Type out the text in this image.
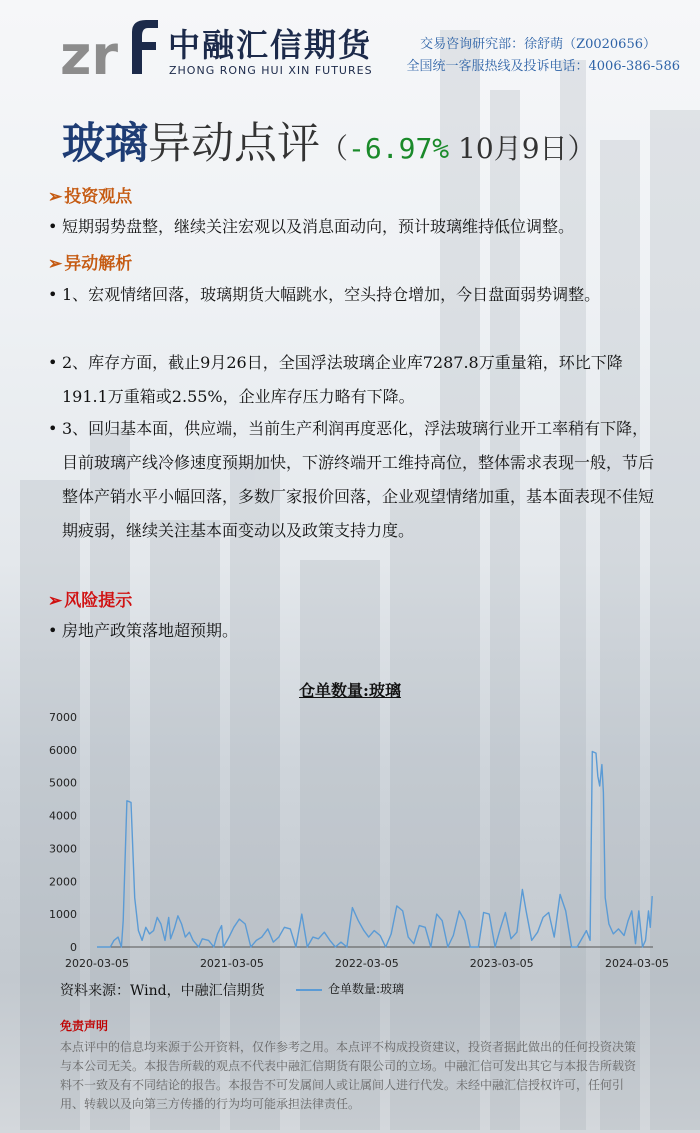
zr 中融汇信期货
ZHONG RONG HUI XIN FUTURES
交易咨询研究部：徐舒萌（Z0020656）
全国统一客服热线及投诉电话：4006-386-586
玻璃异动点评（-6.97% 10月9日）
➢ 投资观点
• 短期弱势盘整，继续关注宏观以及消息面动向，预计玻璃维持低位调整。
➢ 异动解析
• 1、宏观情绪回落，玻璃期货大幅跳水，空头持仓增加，今日盘面弱势调整。
• 2、库存方面，截止9月26日，全国浮法玻璃企业库7287.8万重量箱，环比下降191.1万重箱或2.55%，企业库存压力略有下降。
• 3、回归基本面，供应端，当前生产利润再度恶化，浮法玻璃行业开工率稍有下降，目前玻璃产线冷修速度预期加快，下游终端开工维持高位，整体需求表现一般，节后整体产销水平小幅回落，多数厂家报价回落，企业观望情绪加重，基本面表现不佳短期疲弱，继续关注基本面变动以及政策支持力度。
➢ 风险提示
• 房地产政策落地超预期。
仓单数量:玻璃
0
1000
2000
3000
4000
5000
6000
7000
2020-03-05	2021-03-05	2022-03-05	2023-03-05	2024-03-05
资料来源：Wind，中融汇信期货	仓单数量:玻璃
免责声明
本点评中的信息均来源于公开资料，仅作参考之用。本点评不构成投资建议，投资者据此做出的任何投资决策与本公司无关。本报告所载的观点不代表中融汇信期货有限公司的立场。中融汇信可发出其它与本报告所载资料不一致及有不同结论的报告。本报告不可发属间人或让属间人进行代发。未经中融汇信授权许可，任何引用、转载以及向第三方传播的行为均可能承担法律责任。
